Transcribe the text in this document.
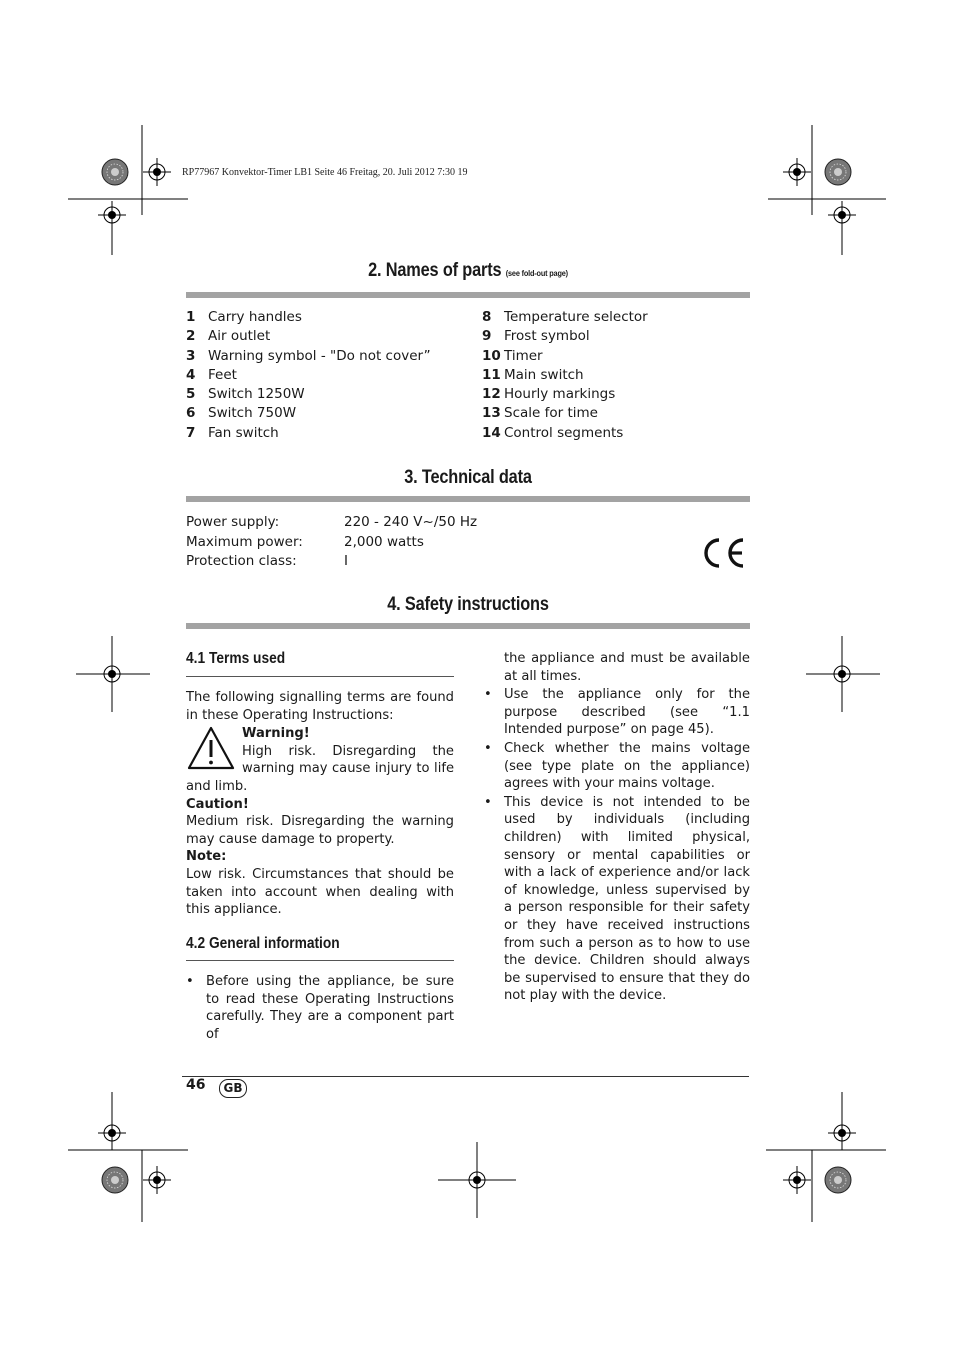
RP77967 Konvektor-Timer LB1 Seite 46 Freitag, 20. Juli 2012 7:30 19
2. Names of parts (see fold-out page)
1 Carry handles
2 Air outlet
3 Warning symbol - "Do not cover”
4 Feet
5 Switch 1250W
6 Switch 750W
7 Fan switch
8 Temperature selector
9 Frost symbol
10 Timer
11 Main switch
12 Hourly markings
13 Scale for time
14 Control segments
3. Technical data
Power supply:	220 - 240 V~/50 Hz
Maximum power:	2,000 watts
Protection class:	I
4. Safety instructions
4.1 Terms used

The following signalling terms are found in these Operating Instructions:

Warning!

High risk. Disregarding the warning may cause injury to life and limb.

Caution!

Medium risk. Disregarding the warning may cause damage to property.

Note:

Low risk. Circumstances that should be taken into account when dealing with this appliance.

4.2 General information
• Before using the appliance, be sure to read these Operating Instructions carefully. They are a component part of

the appliance and must be available at all times.

• Use the appliance only for the purpose described (see “1.1 Intended purpose” on page 45).
• Check whether the mains voltage (see type plate on the appliance) agrees with your mains voltage.
• This device is not intended to be used by individuals (including children) with limited physical, sensory or mental capabilities or with a lack of experience and/or lack of knowledge, unless supervised by a person responsible for their safety or they have received instructions from such a person as to how to use the device. Children should always be supervised to ensure that they do not play with the device.
46	GB
